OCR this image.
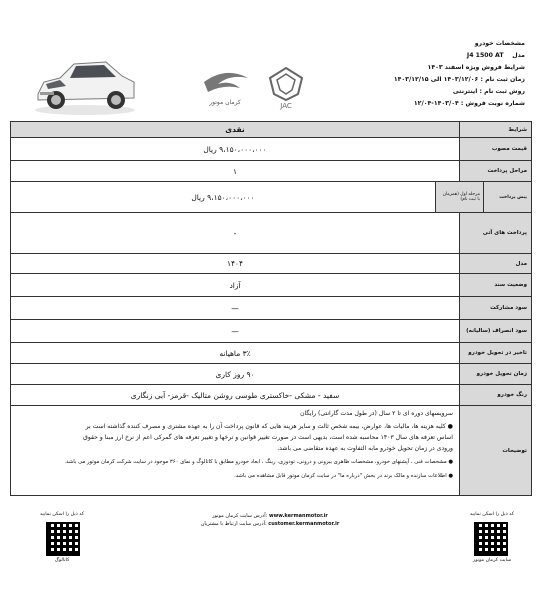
کرمان موتور	JAC
مشخصات خودرو
مدل    J4 1500 AT
شرایط فروش ویژه اسفند ۱۴۰۳
زمان ثبت نام : ۱۴۰۳/۱۲/۰۶ الی ۱۴۰۳/۱۲/۱۵
روش ثبت نام : اینترنتی
شماره نوبت فروش : ۱۴۰۳/۰۴-۱۲/۰۴
شرایط
نقدی
قیمت مصوب
۹،۱۵۰،۰۰۰،۰۰۰ ریال
مراحل پرداخت
۱
مرحله اول (همزمان با ثبت نام)	پیش پرداخت
۹،۱۵۰،۰۰۰،۰۰۰ ریال
پرداخت های آتی
-
مدل
۱۴۰۴
وضعیت سند
آزاد
سود مشارکت
—
سود انصراف (سالیانه)
—
تاخیر در تحویل خودرو
۳٪ ماهیانه
زمان تحویل خودرو
۹۰ روز کاری
رنگ خودرو
سفید - مشکی -خاکستری طوسی روشن متالیک -قرمز- آبی زنگاری
توضیحات
سرویسهای دوره ای تا ۲ سال (در طول مدت گارانتی) رایگان
● کلیه هزینه ها، مالیات ها، عوارض، بیمه شخص ثالث و سایر هزینه هایی که قانون پرداخت آن را به عهده مشتری و مصرف کننده گذاشته است بر
اساس تعرفه های سال ۱۴۰۳ محاسبه شده است، بدیهی است در صورت تغییر قوانین و نرخها و تغییر تعرفه های گمرکی اعم از نرخ ارز مبنا و حقوق
ورودی در زمان تحویل خودرو مابه التفاوت به عهده متقاضی می باشد.
● مشخصات فنی ، آپشنهای خودرو، مشخصات ظاهری بیرونی و درونی، تودوزی، رینگ ، ابعاد خودرو مطابق با کاتالوگ و نمای ۳۶۰ موجود در سایت شرکت کرمان موتور می باشد.
● اطلاعات سازنده و مالک برند در بخش "درباره ما" در سایت کرمان موتور قابل مشاهده می باشد.
کد ذیل را اسکن نمایید
کاتالوگ
آدرس سایت کرمان موتور: www.kermanmotor.ir
آدرس سایت ارتباط با مشتریان: customer.kermanmotor.ir
کد ذیل را اسکن نمایید
سایت کرمان موتور
